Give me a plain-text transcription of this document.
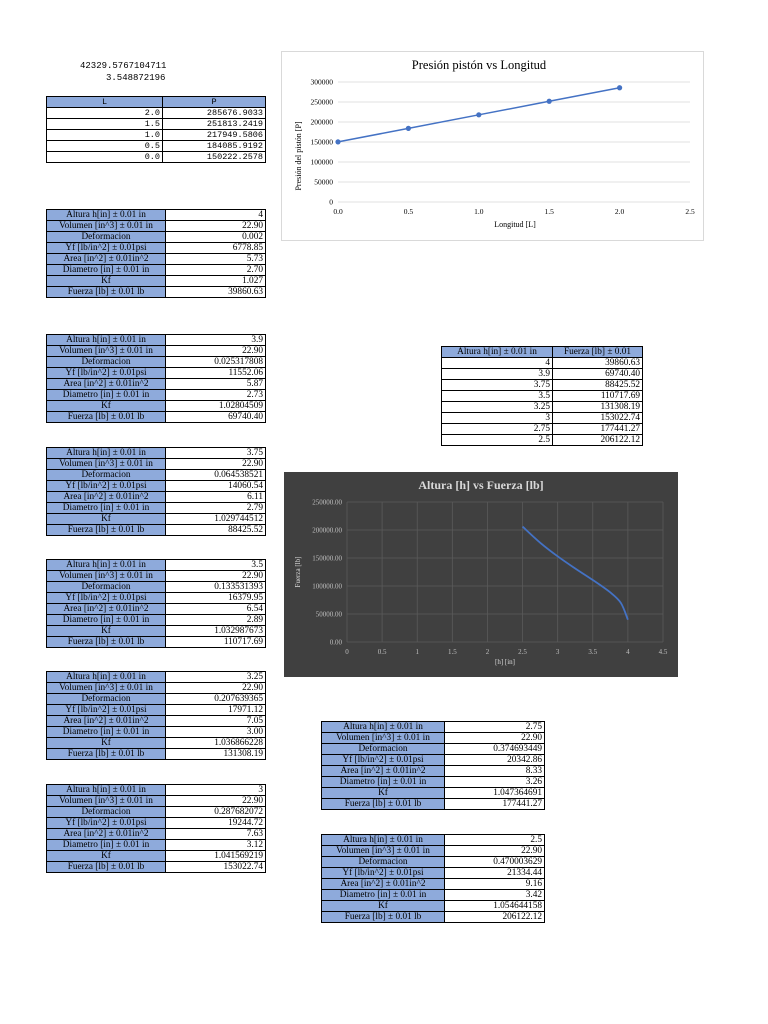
42329.5767104711
3.548872196
L	P
2.0	285676.9033
1.5	251813.2419
1.0	217949.5806
0.5	184085.9192
0.0	150222.2578
Altura h[in] ± 0.01 in	4
Volumen [in^3] ± 0.01 in	22.90
Deformacion	0.002
Yf [lb/in^2] ± 0.01psi	6778.85
Area [in^2] ± 0.01in^2	5.73
Diametro [in] ± 0.01 in	2.70
Kf	1.027
Fuerza [lb] ± 0.01 lb	39860.63
Altura h[in] ± 0.01 in	3.9
Volumen [in^3] ± 0.01 in	22.90
Deformacion	0.025317808
Yf [lb/in^2] ± 0.01psi	11552.06
Area [in^2] ± 0.01in^2	5.87
Diametro [in] ± 0.01 in	2.73
Kf	1.02804509
Fuerza [lb] ± 0.01 lb	69740.40
Altura h[in] ± 0.01 in	3.75
Volumen [in^3] ± 0.01 in	22.90
Deformacion	0.064538521
Yf [lb/in^2] ± 0.01psi	14060.54
Area [in^2] ± 0.01in^2	6.11
Diametro [in] ± 0.01 in	2.79
Kf	1.029744512
Fuerza [lb] ± 0.01 lb	88425.52
Altura h[in] ± 0.01 in	3.5
Volumen [in^3] ± 0.01 in	22.90
Deformacion	0.133531393
Yf [lb/in^2] ± 0.01psi	16379.95
Area [in^2] ± 0.01in^2	6.54
Diametro [in] ± 0.01 in	2.89
Kf	1.032987673
Fuerza [lb] ± 0.01 lb	110717.69
Altura h[in] ± 0.01 in	3.25
Volumen [in^3] ± 0.01 in	22.90
Deformacion	0.207639365
Yf [lb/in^2] ± 0.01psi	17971.12
Area [in^2] ± 0.01in^2	7.05
Diametro [in] ± 0.01 in	3.00
Kf	1.036866228
Fuerza [lb] ± 0.01 lb	131308.19
Altura h[in] ± 0.01 in	3
Volumen [in^3] ± 0.01 in	22.90
Deformacion	0.287682072
Yf [lb/in^2] ± 0.01psi	19244.72
Area [in^2] ± 0.01in^2	7.63
Diametro [in] ± 0.01 in	3.12
Kf	1.041569219
Fuerza [lb] ± 0.01 lb	153022.74
Altura h[in] ± 0.01 in	2.75
Volumen [in^3] ± 0.01 in	22.90
Deformacion	0.374693449
Yf [lb/in^2] ± 0.01psi	20342.86
Area [in^2] ± 0.01in^2	8.33
Diametro [in] ± 0.01 in	3.26
Kf	1.047364691
Fuerza [lb] ± 0.01 lb	177441.27
Altura h[in] ± 0.01 in	2.5
Volumen [in^3] ± 0.01 in	22.90
Deformacion	0.470003629
Yf [lb/in^2] ± 0.01psi	21334.44
Area [in^2] ± 0.01in^2	9.16
Diametro [in] ± 0.01 in	3.42
Kf	1.054644158
Fuerza [lb] ± 0.01 lb	206122.12
Altura h[in] ± 0.01 in	Fuerza [lb] ± 0.01
4	39860.63
3.9	69740.40
3.75	88425.52
3.5	110717.69
3.25	131308.19
3	153022.74
2.75	177441.27
2.5	206122.12
Presión pistón vs Longitud
Presión del pistón [P]
Longitud [L]
0
50000
100000
150000
200000
250000
300000
0.0	0.5	1.0	1.5	2.0	2.5
Altura [h] vs Fuerza [lb]
Fuerza [lb]
[h] [in]
0.00
50000.00
100000.00
150000.00
200000.00
250000.00
0	0.5	1	1.5	2	2.5	3	3.5	4	4.5
